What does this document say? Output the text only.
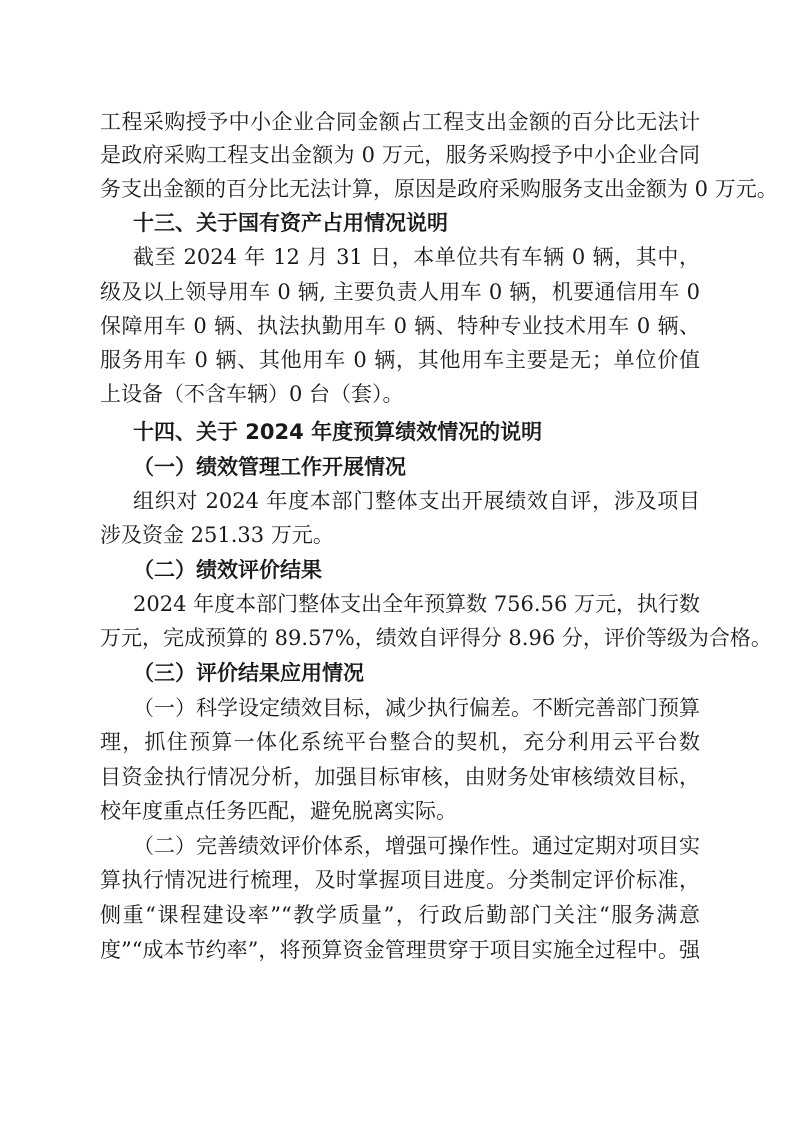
工程采购授予中小企业合同金额占工程支出金额的百分比无法计
是政府采购工程支出金额为 0 万元，服务采购授予中小企业合同
务支出金额的百分比无法计算，原因是政府采购服务支出金额为 0 万元。
十三、关于国有资产占用情况说明
截至 2024 年 12 月 31 日，本单位共有车辆 0 辆，其中，
级及以上领导用车 0 辆, 主要负责人用车 0 辆，机要通信用车 0
保障用车 0 辆、执法执勤用车 0 辆、特种专业技术用车 0 辆、
服务用车 0 辆、其他用车 0 辆，其他用车主要是无；单位价值
上设备（不含车辆）0 台（套）。
十四、关于 2024 年度预算绩效情况的说明
（一）绩效管理工作开展情况
组织对 2024 年度本部门整体支出开展绩效自评，涉及项目
涉及资金 251.33 万元。
（二）绩效评价结果
2024 年度本部门整体支出全年预算数 756.56 万元，执行数
万元，完成预算的 89.57%，绩效自评得分 8.96 分，评价等级为合格。
（三）评价结果应用情况
（一）科学设定绩效目标，减少执行偏差。不断完善部门预算
理，抓住预算一体化系统平台整合的契机，充分利用云平台数
目资金执行情况分析，加强目标审核，由财务处审核绩效目标，
校年度重点任务匹配，避免脱离实际。
（二）完善绩效评价体系，增强可操作性。通过定期对项目实
算执行情况进行梳理，及时掌握项目进度。分类制定评价标准，
侧重“课程建设率”“教学质量”，行政后勤部门关注“服务满意
度”“成本节约率”，将预算资金管理贯穿于项目实施全过程中。强
